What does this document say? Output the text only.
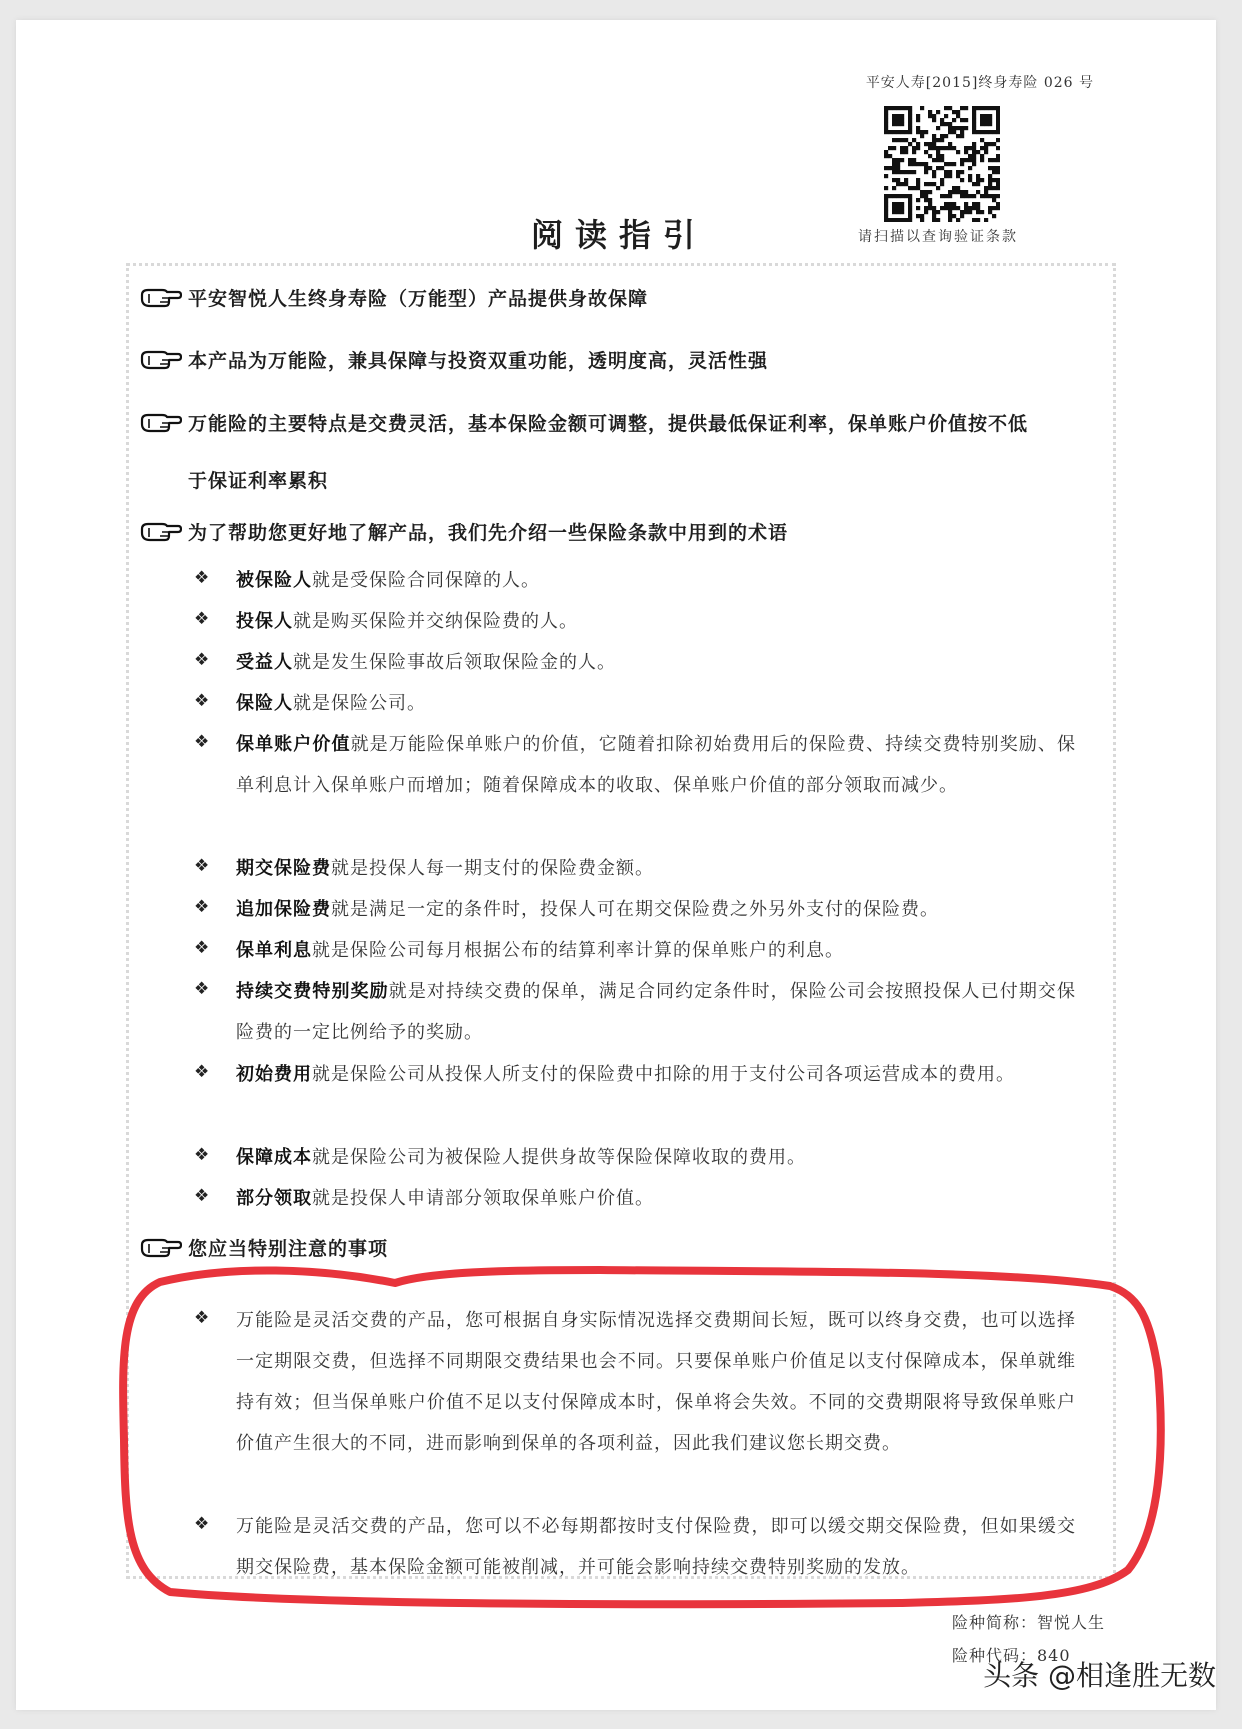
平安人寿[2015]终身寿险 026 号
请扫描以查询验证条款
阅读指引
平安智悦人生终身寿险（万能型）产品提供身故保障
本产品为万能险，兼具保障与投资双重功能，透明度高，灵活性强
万能险的主要特点是交费灵活，基本保险金额可调整，提供最低保证利率，保单账户价值按不低
于保证利率累积
为了帮助您更好地了解产品，我们先介绍一些保险条款中用到的术语
❖ 被保险人就是受保险合同保障的人。
❖ 投保人就是购买保险并交纳保险费的人。
❖ 受益人就是发生保险事故后领取保险金的人。
❖ 保险人就是保险公司。
❖ 保单账户价值就是万能险保单账户的价值，它随着扣除初始费用后的保险费、持续交费特别奖励、保单利息计入保单账户而增加；随着保障成本的收取、保单账户价值的部分领取而减少。
❖ 期交保险费就是投保人每一期支付的保险费金额。
❖ 追加保险费就是满足一定的条件时，投保人可在期交保险费之外另外支付的保险费。
❖ 保单利息就是保险公司每月根据公布的结算利率计算的保单账户的利息。
❖ 持续交费特别奖励就是对持续交费的保单，满足合同约定条件时，保险公司会按照投保人已付期交保险费的一定比例给予的奖励。
❖ 初始费用就是保险公司从投保人所支付的保险费中扣除的用于支付公司各项运营成本的费用。
❖ 保障成本就是保险公司为被保险人提供身故等保险保障收取的费用。
❖ 部分领取就是投保人申请部分领取保单账户价值。
您应当特别注意的事项
❖ 万能险是灵活交费的产品，您可根据自身实际情况选择交费期间长短，既可以终身交费，也可以选择一定期限交费，但选择不同期限交费结果也会不同。只要保单账户价值足以支付保障成本，保单就维持有效；但当保单账户价值不足以支付保障成本时，保单将会失效。不同的交费期限将导致保单账户价值产生很大的不同，进而影响到保单的各项利益，因此我们建议您长期交费。
❖ 万能险是灵活交费的产品，您可以不必每期都按时支付保险费，即可以缓交期交保险费，但如果缓交期交保险费，基本保险金额可能被削减，并可能会影响持续交费特别奖励的发放。
险种简称：智悦人生
险种代码：840
头条 @相逢胜无数
